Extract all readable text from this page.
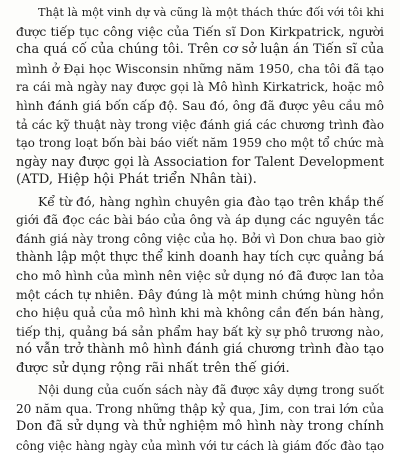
Thật là một vinh dự và cũng là một thách thức đối với tôi khi
được tiếp tục công việc của Tiến sĩ Don Kirkpatrick, người
cha quá cố của chúng tôi. Trên cơ sở luận án Tiến sĩ của
mình ở Đại học Wisconsin những năm 1950, cha tôi đã tạo
ra cái mà ngày nay được gọi là Mô hình Kirkatrick, hoặc mô
hình đánh giá bốn cấp độ. Sau đó, ông đã được yêu cầu mô
tả các kỹ thuật này trong việc đánh giá các chương trình đào
tạo trong loạt bốn bài báo viết năm 1959 cho một tổ chức mà
ngày nay được gọi là Association for Talent Development
(ATD, Hiệp hội Phát triển Nhân tài).
Kể từ đó, hàng nghìn chuyên gia đào tạo trên khắp thế
giới đã đọc các bài báo của ông và áp dụng các nguyên tắc
đánh giá này trong công việc của họ. Bởi vì Don chưa bao giờ
thành lập một thực thể kinh doanh hay tích cực quảng bá
cho mô hình của mình nên việc sử dụng nó đã được lan tỏa
một cách tự nhiên. Đây đúng là một minh chứng hùng hồn
cho hiệu quả của mô hình khi mà không cần đến bán hàng,
tiếp thị, quảng bá sản phẩm hay bất kỳ sự phô trương nào,
nó vẫn trở thành mô hình đánh giá chương trình đào tạo
được sử dụng rộng rãi nhất trên thế giới.
Nội dung của cuốn sách này đã được xây dựng trong suốt
20 năm qua. Trong những thập kỷ qua, Jim, con trai lớn của
Don đã sử dụng và thử nghiệm mô hình này trong chính
công việc hàng ngày của mình với tư cách là giám đốc đào tạo
